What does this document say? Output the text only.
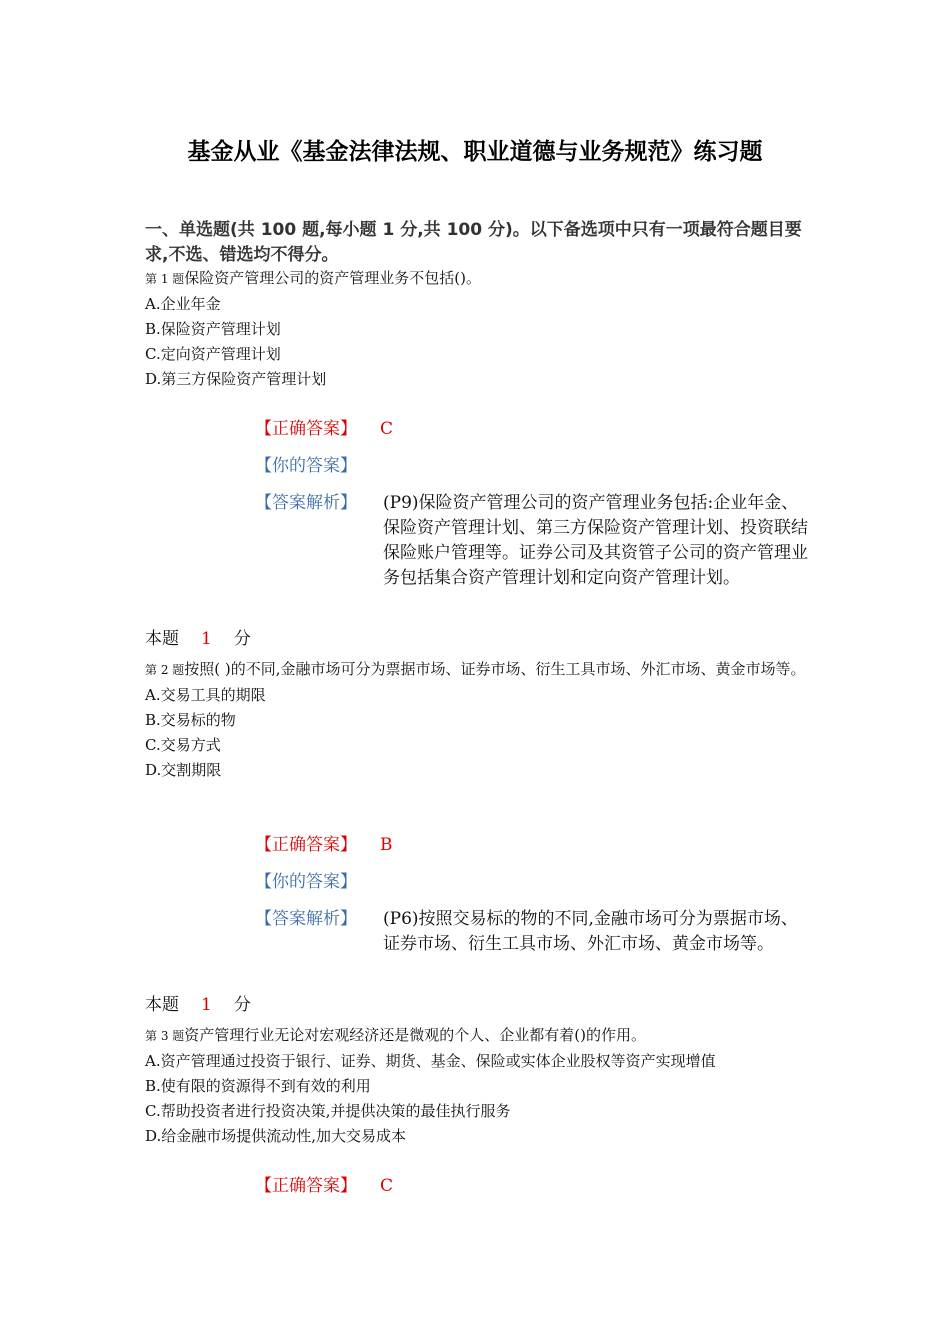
基金从业《基金法律法规、职业道德与业务规范》练习题
一、单选题(共 100 题,每小题 1 分,共 100 分)。以下备选项中只有一项最符合题目要求,不选、错选均不得分。
第 1 题保险资产管理公司的资产管理业务不包括()。
A.企业年金
B.保险资产管理计划
C.定向资产管理计划
D.第三方保险资产管理计划
【正确答案】 C
【你的答案】
【答案解析】 (P9)保险资产管理公司的资产管理业务包括:企业年金、保险资产管理计划、第三方保险资产管理计划、投资联结保险账户管理等。证券公司及其资管子公司的资产管理业务包括集合资产管理计划和定向资产管理计划。
本题 1 分
第 2 题按照( )的不同,金融市场可分为票据市场、证券市场、衍生工具市场、外汇市场、黄金市场等。
A.交易工具的期限
B.交易标的物
C.交易方式
D.交割期限
【正确答案】 B
【你的答案】
【答案解析】 (P6)按照交易标的物的不同,金融市场可分为票据市场、证券市场、衍生工具市场、外汇市场、黄金市场等。
本题 1 分
第 3 题资产管理行业无论对宏观经济还是微观的个人、企业都有着()的作用。
A.资产管理通过投资于银行、证券、期货、基金、保险或实体企业股权等资产实现增值
B.使有限的资源得不到有效的利用
C.帮助投资者进行投资决策,并提供决策的最佳执行服务
D.给金融市场提供流动性,加大交易成本
【正确答案】 C
